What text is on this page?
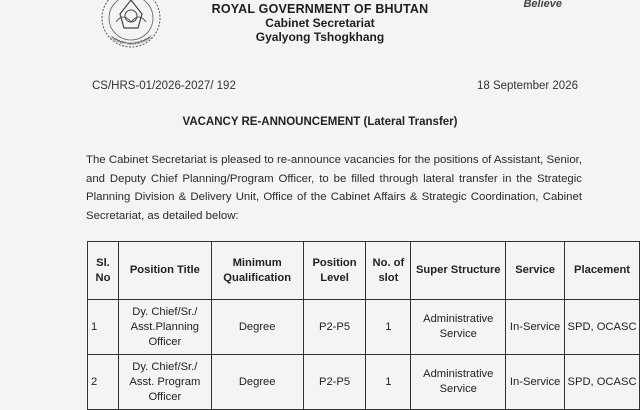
CABINET SECRETARIAT
ROYAL GOVERNMENT OF BHUTAN
Cabinet Secretariat
Gyalyong Tshogkhang
Believe
CS/HRS-01/2026-2027/ 192	18 September 2026
VACANCY RE-ANNOUNCEMENT (Lateral Transfer)
The Cabinet Secretariat is pleased to re-announce vacancies for the positions of Assistant, Senior, and Deputy Chief Planning/Program Officer, to be filled through lateral transfer in the Strategic Planning Division & Delivery Unit, Office of the Cabinet Affairs & Strategic Coordination, Cabinet Secretariat, as detailed below:
Sl. No	Position Title	Minimum Qualification	Position Level	No. of slot	Super Structure	Service	Placement
1	Dy. Chief/Sr./ Asst.Planning Officer	Degree	P2-P5	1	Administrative Service	In-Service	SPD, OCASC
2	Dy. Chief/Sr./ Asst. Program Officer	Degree	P2-P5	1	Administrative Service	In-Service	SPD, OCASC
